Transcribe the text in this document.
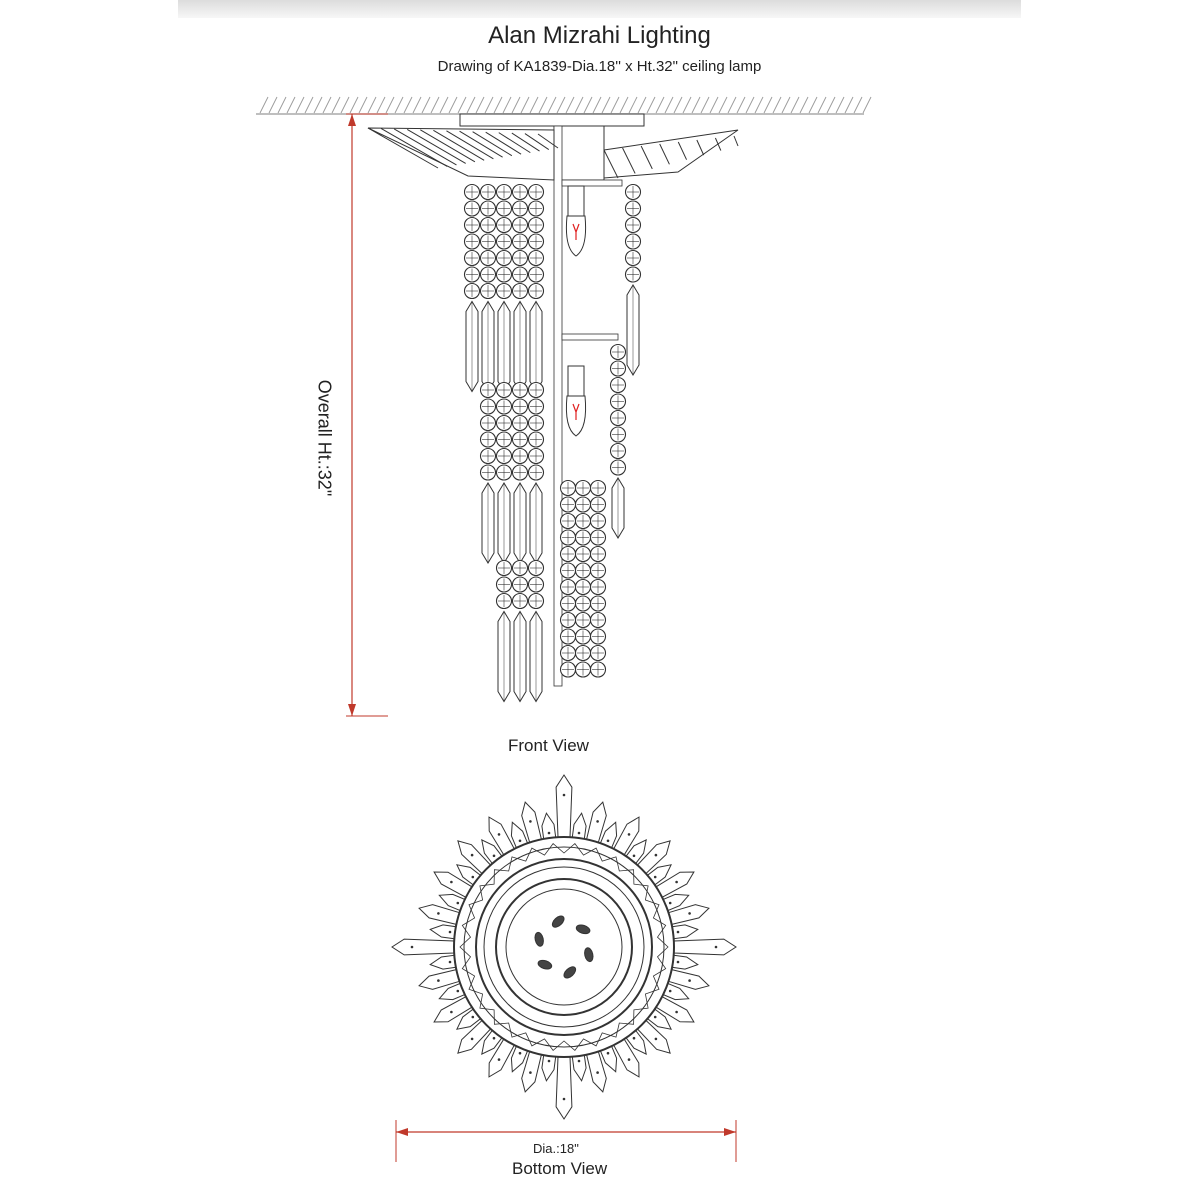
Alan Mizrahi Lighting
Drawing of KA1839-Dia.18'' x Ht.32" ceiling lamp
Overall Ht.:32"
Front View
Dia.:18"
Bottom View
